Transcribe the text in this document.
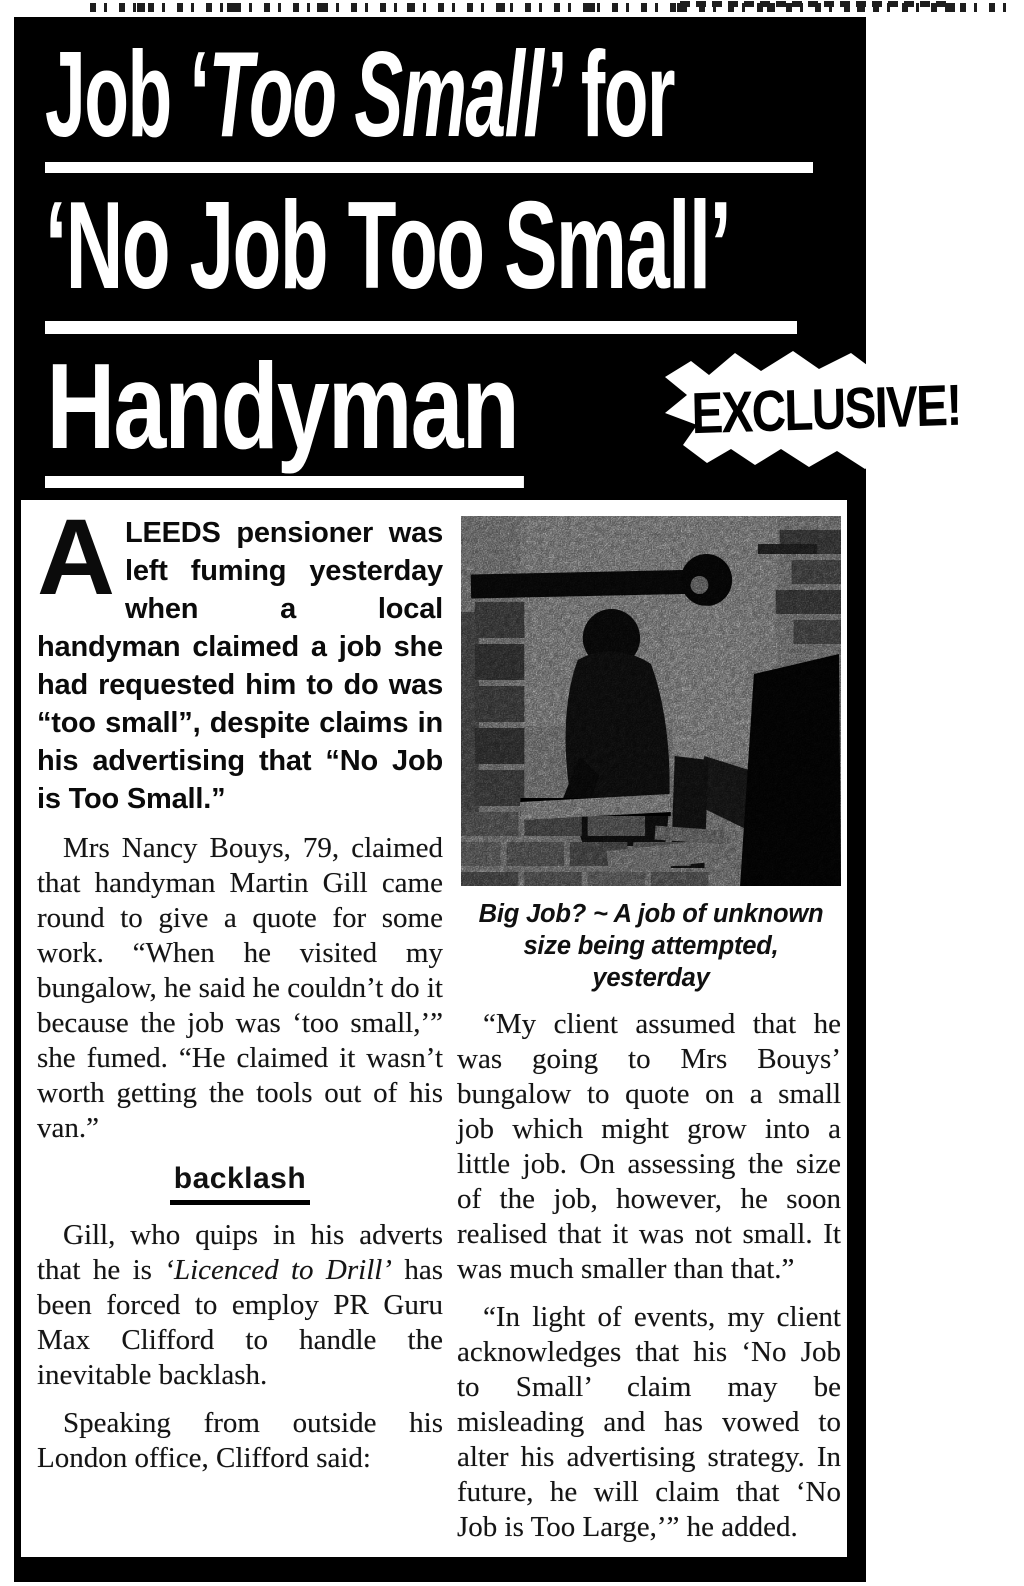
Job ‘Too Small’ for
‘No Job Too Small’
Handyman	EXCLUSIVE!

ALEEDS pensioner was left fuming yesterday when a local handyman claimed a job she had requested him to do was “too small”, despite claims in his advertising that “No Job is Too Small.”

Mrs Nancy Bouys, 79, claimed that handyman Martin Gill came round to give a quote for some work. “When he visited my bungalow, he said he couldn’t do it because the job was ‘too small,’” she fumed. “He claimed it wasn’t worth getting the tools out of his van.”

backlash

Gill, who quips in his adverts that he is ‘Licenced to Drill’ has been forced to employ PR Guru Max Clifford to handle the inevitable backlash.

Speaking from outside his London office, Clifford said:

Big Job? ~ A job of unknown size being attempted, yesterday

“My client assumed that he was going to Mrs Bouys’ bungalow to quote on a small job which might grow into a little job. On assessing the size of the job, however, he soon realised that it was not small. It was much smaller than that.”

“In light of events, my client acknowledges that his ‘No Job to Small’ claim may be misleading and has vowed to alter his advertising strategy. In future, he will claim that ‘No Job is Too Large,’” he added.
